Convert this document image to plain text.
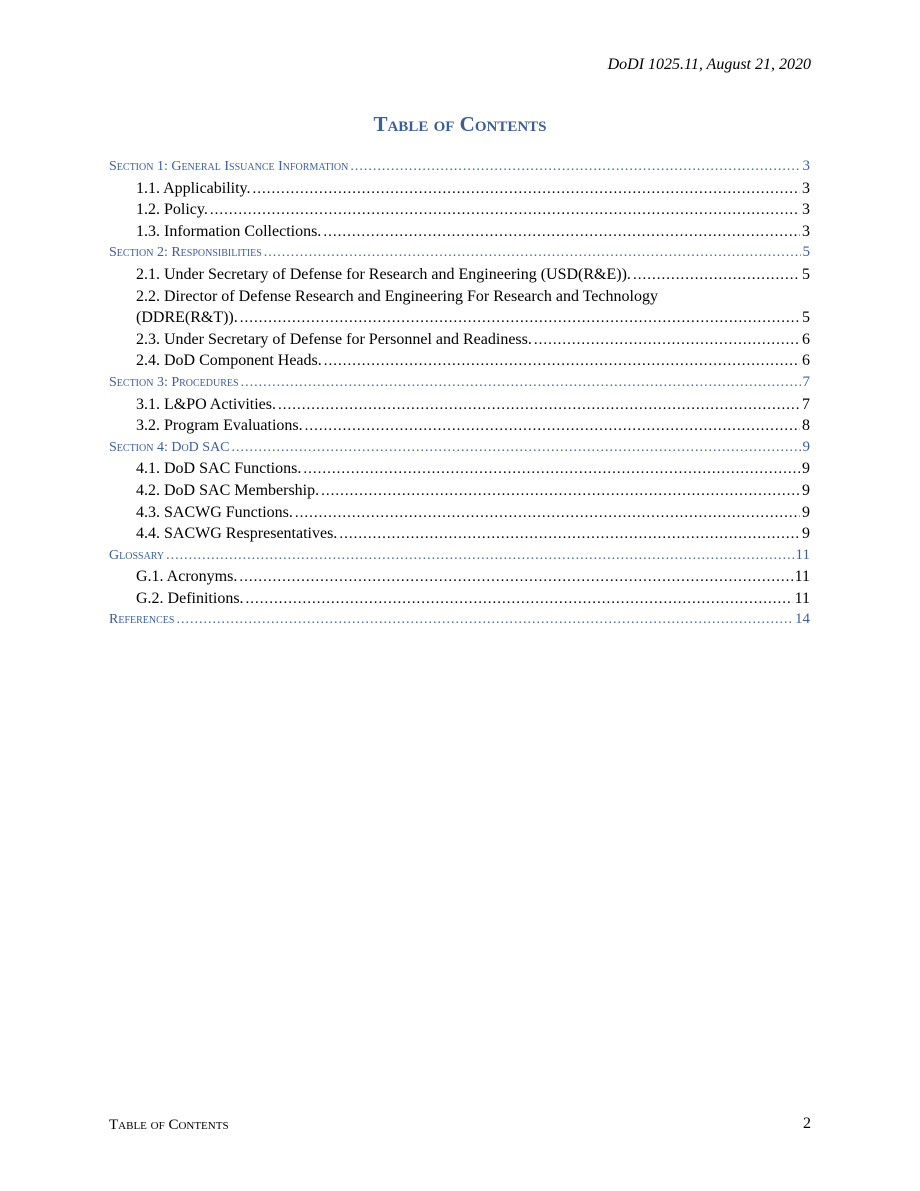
DoDI 1025.11, August 21, 2020
Table of Contents
Section 1: General Issuance Information .....	3
1.1. Applicability. .....	3
1.2. Policy. .....	3
1.3. Information Collections. .....	3
Section 2: Responsibilities .....	5
2.1. Under Secretary of Defense for Research and Engineering (USD(R&E)). .....	5
2.2. Director of Defense Research and Engineering For Research and Technology
(DDRE(R&T)). .....	5
2.3. Under Secretary of Defense for Personnel and Readiness. .....	6
2.4. DoD Component Heads. .....	6
Section 3: Procedures .....	7
3.1. L&PO Activities. .....	7
3.2. Program Evaluations. .....	8
Section 4: DoD SAC .....	9
4.1. DoD SAC Functions. .....	9
4.2. DoD SAC Membership. .....	9
4.3. SACWG Functions. .....	9
4.4. SACWG Respresentatives. .....	9
Glossary .....	11
G.1. Acronyms. .....	11
G.2. Definitions. .....	11
References .....	14
Table of Contents	2
